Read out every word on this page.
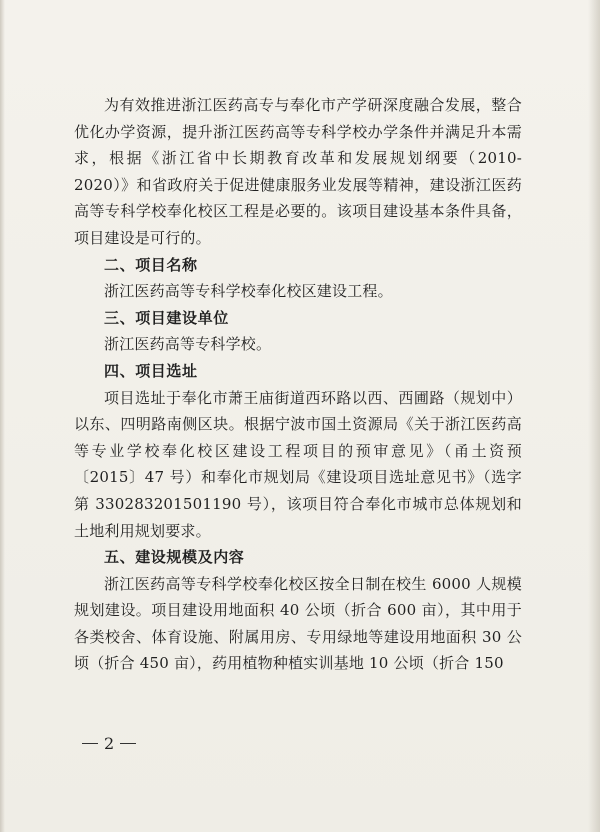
为有效推进浙江医药高专与奉化市产学研深度融合发展，整合优化办学资源，提升浙江医药高等专科学校办学条件并满足升本需求，根据《浙江省中长期教育改革和发展规划纲要（2010-2020）》和省政府关于促进健康服务业发展等精神，建设浙江医药高等专科学校奉化校区工程是必要的。该项目建设基本条件具备，项目建设是可行的。

二、项目名称

浙江医药高等专科学校奉化校区建设工程。

三、项目建设单位

浙江医药高等专科学校。

四、项目选址

项目选址于奉化市萧王庙街道西环路以西、西圃路（规划中）以东、四明路南侧区块。根据宁波市国土资源局《关于浙江医药高等专业学校奉化校区建设工程项目的预审意见》（甬土资预〔2015〕47 号）和奉化市规划局《建设项目选址意见书》（选字第 330283201501190 号），该项目符合奉化市城市总体规划和土地利用规划要求。

五、建设规模及内容

浙江医药高等专科学校奉化校区按全日制在校生 6000 人规模规划建设。项目建设用地面积 40 公顷（折合 600 亩），其中用于各类校舍、体育设施、附属用房、专用绿地等建设用地面积 30 公顷（折合 450 亩），药用植物种植实训基地 10 公顷（折合 150

2
